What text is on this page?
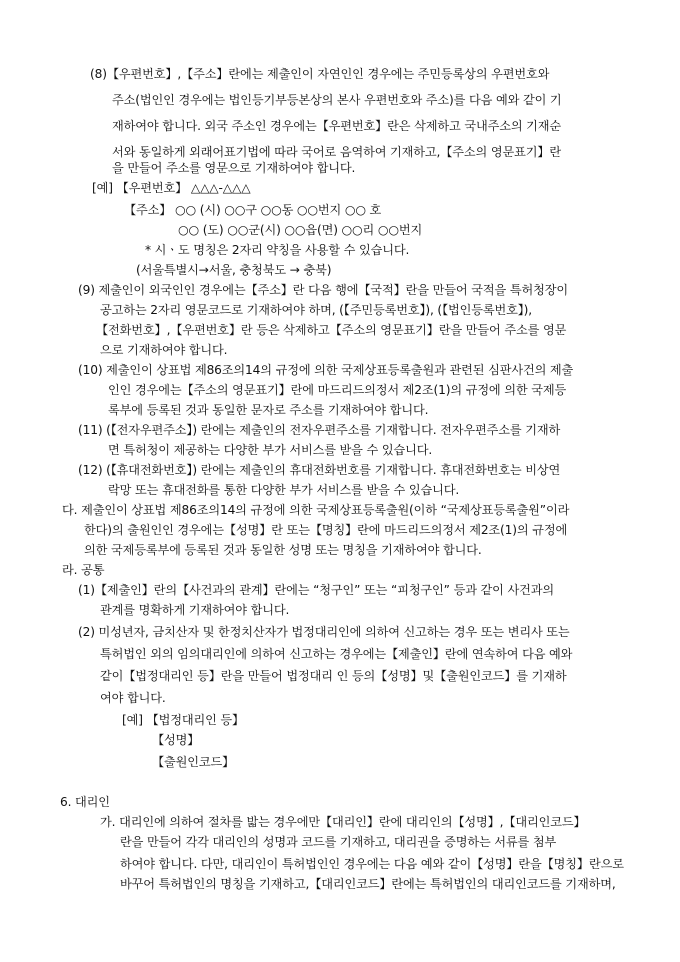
(8)【우편번호】,【주소】란에는 제출인이 자연인인 경우에는 주민등록상의 우편번호와
주소(법인인 경우에는 법인등기부등본상의 본사 우편번호와 주소)를 다음 예와 같이 기
재하여야 합니다. 외국 주소인 경우에는【우편번호】란은 삭제하고 국내주소의 기재순
서와 동일하게 외래어표기법에 따라 국어로 음역하여 기재하고,【주소의 영문표기】란
을 만들어 주소를 영문으로 기재하여야 합니다.
[예] 【우편번호】 △△△-△△△
【주소】 ○○ (시) ○○구 ○○동 ○○번지 ○○ 호
○○ (도) ○○군(시) ○○읍(면) ○○리 ○○번지
* 시ㆍ도 명칭은 2자리 약칭을 사용할 수 있습니다.
(서울특별시→서울, 충청북도 → 충북)
(9) 제출인이 외국인인 경우에는【주소】란 다음 행에【국적】란을 만들어 국적을 특허청장이
공고하는 2자리 영문코드로 기재하여야 하며, (【주민등록번호】), (【법인등록번호】),
【전화번호】,【우편번호】란 등은 삭제하고【주소의 영문표기】란을 만들어 주소를 영문
으로 기재하여야 합니다.
(10) 제출인이 상표법 제86조의14의 규정에 의한 국제상표등록출원과 관련된 심판사건의 제출
인인 경우에는【주소의 영문표기】란에 마드리드의정서 제2조(1)의 규정에 의한 국제등
록부에 등록된 것과 동일한 문자로 주소를 기재하여야 합니다.
(11) (【전자우편주소】) 란에는 제출인의 전자우편주소를 기재합니다. 전자우편주소를 기재하
면 특허청이 제공하는 다양한 부가 서비스를 받을 수 있습니다.
(12) (【휴대전화번호】) 란에는 제출인의 휴대전화번호를 기재합니다. 휴대전화번호는 비상연
락망 또는 휴대전화를 통한 다양한 부가 서비스를 받을 수 있습니다.
다. 제출인이 상표법 제86조의14의 규정에 의한 국제상표등록출원(이하 “국제상표등록출원”이라
한다)의 출원인인 경우에는【성명】란 또는【명칭】란에 마드리드의정서 제2조(1)의 규정에
의한 국제등록부에 등록된 것과 동일한 성명 또는 명칭을 기재하여야 합니다.
라. 공통
(1)【제출인】란의【사건과의 관계】란에는 “청구인” 또는 “피청구인” 등과 같이 사건과의
관계를 명확하게 기재하여야 합니다.
(2) 미성년자, 금치산자 및 한정치산자가 법정대리인에 의하여 신고하는 경우 또는 변리사 또는
특허법인 외의 임의대리인에 의하여 신고하는 경우에는【제출인】란에 연속하여 다음 예와
같이【법정대리인 등】란을 만들어 법정대리 인 등의【성명】및【출원인코드】를 기재하
여야 합니다.
[예] 【법정대리인 등】
【성명】
【출원인코드】
6. 대리인
가. 대리인에 의하여 절차를 밟는 경우에만【대리인】란에 대리인의【성명】,【대리인코드】
란을 만들어 각각 대리인의 성명과 코드를 기재하고, 대리권을 증명하는 서류를 첨부
하여야 합니다. 다만, 대리인이 특허법인인 경우에는 다음 예와 같이【성명】란을【명칭】란으로
바꾸어 특허법인의 명칭을 기재하고,【대리인코드】란에는 특허법인의 대리인코드를 기재하며,
